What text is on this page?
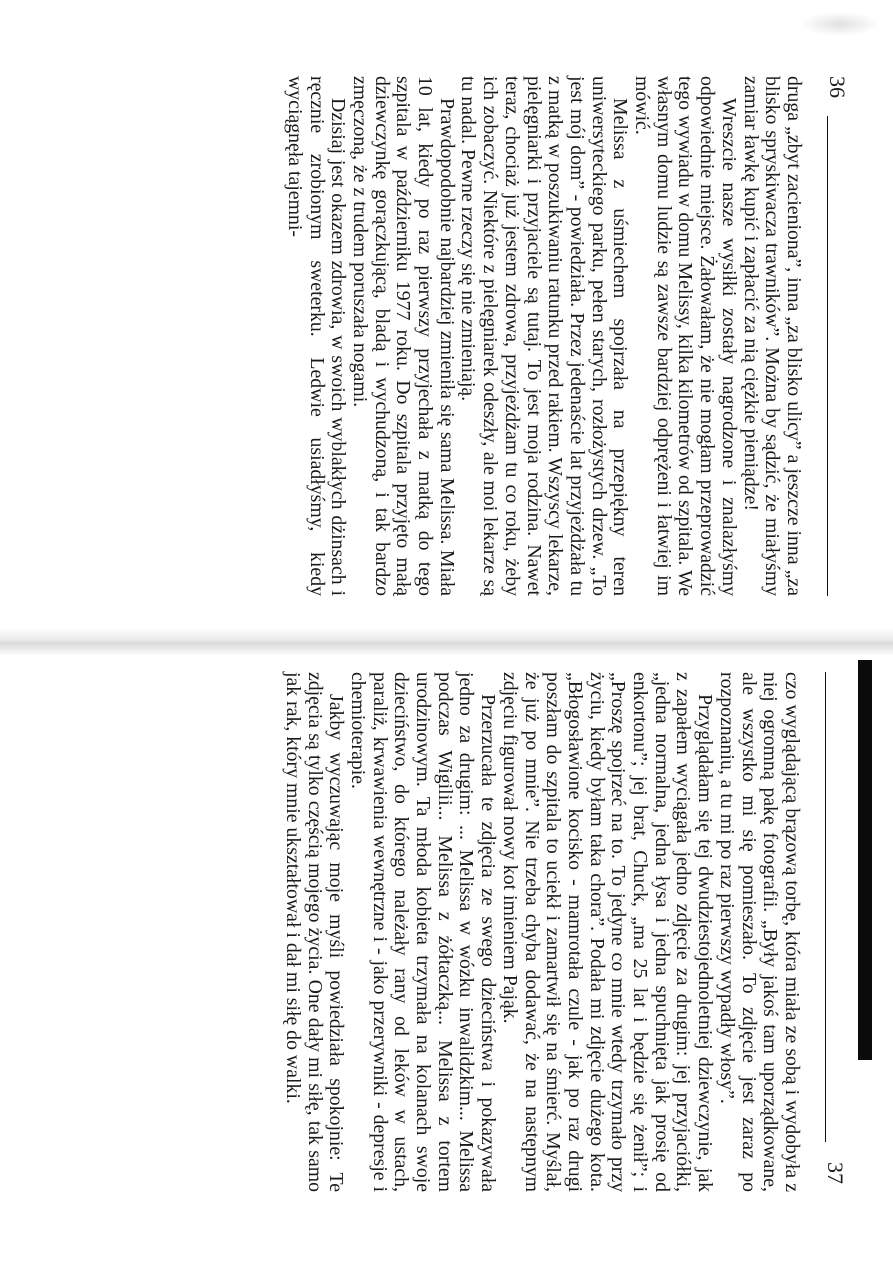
36

druga „zbyt zacieniona”, inna „za blisko ulicy” a jeszcze inna „za blisko spryskiwacza trawników”. Można by sądzić, że miałyśmy zamiar ławkę kupić i zapłacić za nią ciężkie pieniądze!

Wreszcie nasze wysiłki zostały nagrodzone i znalazłyśmy odpowiednie miejsce. Żałowałam, że nie mogłam przeprowadzić tego wywiadu w domu Melissy, kilka kilometrów od szpitala. We własnym domu ludzie są zawsze bardziej odprężeni i łatwiej im mówić.

Melissa z uśmiechem spojrzała na przepiękny teren uniwersyteckiego parku, pełen starych, rozłożystych drzew. „To jest mój dom” - powiedziała. Przez jedenaście lat przyjeżdżała tu z matką w poszukiwaniu ratunku przed rakiem. Wszyscy lekarze, pielęgniarki i przyjaciele są tutaj. To jest moja rodzina. Nawet teraz, chociaż już jestem zdrowa, przyjeżdżam tu co roku, żeby ich zobaczyć. Niektóre z pielęgniarek odeszły, ale moi lekarze są tu nadal. Pewne rzeczy się nie zmieniają.

Prawdopodobnie najbardziej zmieniła się sama Melissa. Miała 10 lat, kiedy po raz pierwszy przyjechała z matką do tego szpitala w październiku 1977 roku. Do szpitala przyjęto małą dziewczynkę gorączkującą, bladą i wychudzoną, i tak bardzo zmęczoną, że z trudem poruszała nogami.

Dzisiaj jest okazem zdrowia, w swoich wyblakłych dżinsach i ręcznie zrobionym sweterku. Ledwie usiadłyśmy, kiedy wyciągnęła tajemni-

37

czo wyglądającą brązową torbę, która miała ze sobą i wydobyła z niej ogromną pakę fotografii. „Były jakoś tam uporządkowane, ale wszystko mi się pomieszało. To zdjęcie jest zaraz po rozpoznaniu, a tu mi po raz pierwszy wypadły włosy”.

Przyglądałam się tej dwudziestojednoletniej dziewczynie, jak z zapałem wyciągała jedno zdjęcie za drugim: jej przyjaciółki, „jedna normalna, jedna łysa i jedna spuchnięta jak prosię od enkortonu”; jej brat, Chuck, „ma 25 lat i będzie się żenił”; i „Proszę spojrzeć na to. To jedyne co mnie wtedy trzymało przy życiu, kiedy byłam taka chora”. Podała mi zdjęcie dużego kota. „Błogosławione kocisko - mamrotała czule - jak po raz drugi poszłam do szpitala to uciekł i zamartwił się na śmierć. Myślał, że już po mnie”. Nie trzeba chyba dodawać, że na następnym zdjęciu figurował nowy kot imieniem Pająk.

Przerzucała te zdjęcia ze swego dzieciństwa i pokazywała jedno za drugim: ... Melissa w wózku inwalidzkim... Melissa podczas Wigilii... Melissa z żółtaczką... Melissa z tortem urodzinowym. Ta młoda kobieta trzymała na kolanach swoje dzieciństwo, do którego należały rany od leków w ustach, paraliż, krwawienia wewnętrzne i - jako przerywniki - depresje i chemioterapie.

Jakby wyczuwając moje myśli powiedziała spokojnie: Te zdjęcia są tylko częścią mojego życia. One dały mi siłę, tak samo jak rak, który mnie ukształtował i dał mi siłę do walki.
